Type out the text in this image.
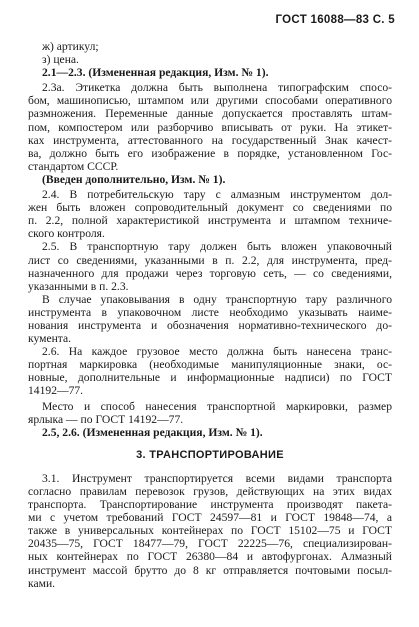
ГОСТ 16088—83 С. 5
ж) артикул;
з) цена.
2.1—2.3. (Измененная редакция, Изм. № 1).
2.3а. Этикетка должна быть выполнена типографским спосо-
бом, машинописью, штампом или другими способами оперативного
размножения. Переменные данные допускается проставлять штам-
пом, компостером или разборчиво вписывать от руки. На этикет-
ках инструмента, аттестованного на государственный Знак качест-
ва, должно быть его изображение в порядке, установленном Гос-
стандартом СССР.
(Введен дополнительно, Изм. № 1).
2.4. В потребительскую тару с алмазным инструментом дол-
жен быть вложен сопроводительный документ со сведениями по
п. 2.2, полной характеристикой инструмента и штампом техниче-
ского контроля.
2.5. В транспортную тару должен быть вложен упаковочный
лист со сведениями, указанными в п. 2.2, для инструмента, пред-
назначенного для продажи через торговую сеть, — со сведениями,
указанными в п. 2.3.
В случае упаковывания в одну транспортную тару различного
инструмента в упаковочном листе необходимо указывать наиме-
нования инструмента и обозначения нормативно-технического до-
кумента.
2.6. На каждое грузовое место должна быть нанесена транс-
портная маркировка (необходимые манипуляционные знаки, ос-
новные, дополнительные и информационные надписи) по ГОСТ
14192—77.
Место и способ нанесения транспортной маркировки, размер
ярлыка — по ГОСТ 14192—77.
2.5, 2.6. (Измененная редакция, Изм. № 1).
3. ТРАНСПОРТИРОВАНИЕ
3.1. Инструмент транспортируется всеми видами транспорта
согласно правилам перевозок грузов, действующих на этих видах
транспорта. Транспортирование инструмента производят пакета-
ми с учетом требований ГОСТ 24597—81 и ГОСТ 19848—74, а
также в универсальных контейнерах по ГОСТ 15102—75 и ГОСТ
20435—75, ГОСТ 18477—79, ГОСТ 22225—76, специализирован-
ных контейнерах по ГОСТ 26380—84 и автофургонах. Алмазный
инструмент массой брутто до 8 кг отправляется почтовыми посыл-
ками.
